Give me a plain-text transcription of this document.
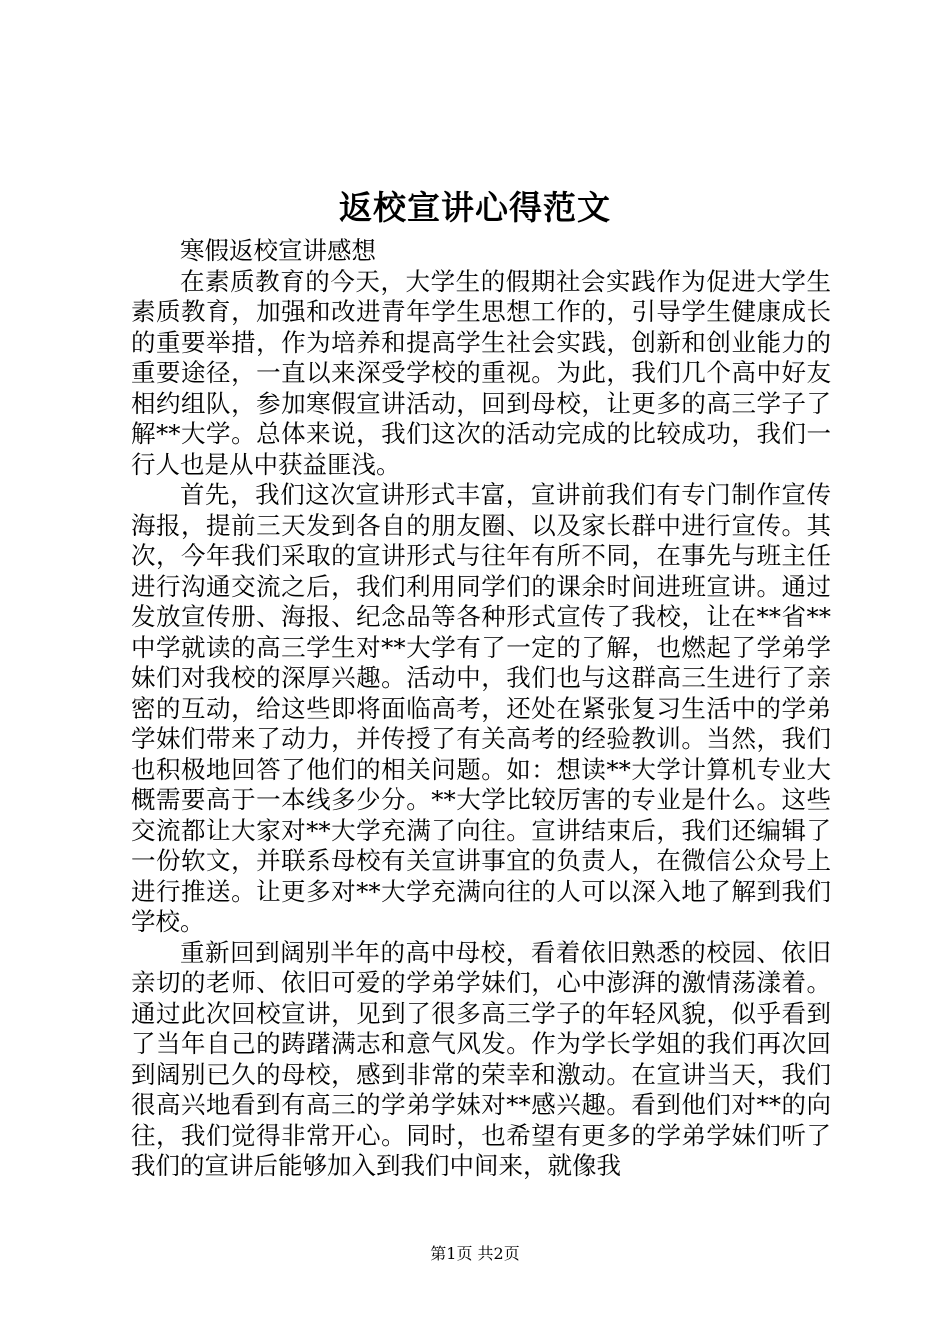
返校宣讲心得范文

寒假返校宣讲感想

在素质教育的今天，大学生的假期社会实践作为促进大学生素质教育，加强和改进青年学生思想工作的，引导学生健康成长的重要举措，作为培养和提高学生社会实践，创新和创业能力的重要途径，一直以来深受学校的重视。为此，我们几个高中好友相约组队，参加寒假宣讲活动，回到母校，让更多的高三学子了解**大学。总体来说，我们这次的活动完成的比较成功，我们一行人也是从中获益匪浅。

首先，我们这次宣讲形式丰富，宣讲前我们有专门制作宣传海报，提前三天发到各自的朋友圈、以及家长群中进行宣传。其次，今年我们采取的宣讲形式与往年有所不同，在事先与班主任进行沟通交流之后，我们利用同学们的课余时间进班宣讲。通过发放宣传册、海报、纪念品等各种形式宣传了我校，让在**省**中学就读的高三学生对**大学有了一定的了解，也燃起了学弟学妹们对我校的深厚兴趣。活动中，我们也与这群高三生进行了亲密的互动，给这些即将面临高考，还处在紧张复习生活中的学弟学妹们带来了动力，并传授了有关高考的经验教训。当然，我们也积极地回答了他们的相关问题。如：想读**大学计算机专业大概需要高于一本线多少分。**大学比较厉害的专业是什么。这些交流都让大家对**大学充满了向往。宣讲结束后，我们还编辑了一份软文，并联系母校有关宣讲事宜的负责人，在微信公众号上进行推送。让更多对**大学充满向往的人可以深入地了解到我们学校。

重新回到阔别半年的高中母校，看着依旧熟悉的校园、依旧亲切的老师、依旧可爱的学弟学妹们，心中澎湃的激情荡漾着。通过此次回校宣讲，见到了很多高三学子的年轻风貌，似乎看到了当年自己的踌躇满志和意气风发。作为学长学姐的我们再次回到阔别已久的母校，感到非常的荣幸和激动。在宣讲当天，我们很高兴地看到有高三的学弟学妹对**感兴趣。看到他们对**的向往，我们觉得非常开心。同时，也希望有更多的学弟学妹们听了我们的宣讲后能够加入到我们中间来，就像我

第1页 共2页
